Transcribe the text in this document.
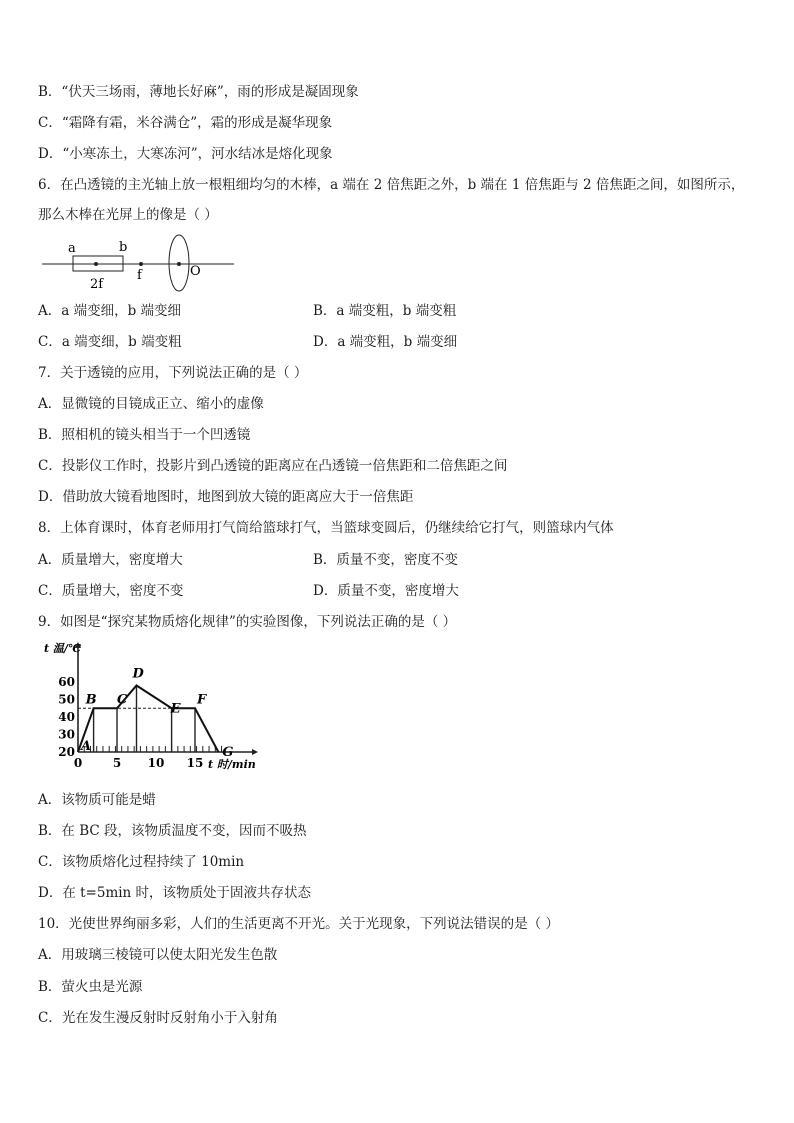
B．“伏天三场雨，薄地长好麻”，雨的形成是凝固现象
C．“霜降有霜，米谷满仓”，霜的形成是凝华现象
D．“小寒冻土，大寒冻河”，河水结冰是熔化现象
6．在凸透镜的主光轴上放一根粗细均匀的木棒，a 端在 2 倍焦距之外，b 端在 1 倍焦距与 2 倍焦距之间，如图所示，
那么木棒在光屏上的像是（ ）
a	b
2f
f	O
A．a 端变细，b 端变细	B．a 端变粗，b 端变粗
C．a 端变细，b 端变粗	D．a 端变粗，b 端变细
7．关于透镜的应用，下列说法正确的是（ ）
A．显微镜的目镜成正立、缩小的虚像
B．照相机的镜头相当于一个凹透镜
C．投影仪工作时，投影片到凸透镜的距离应在凸透镜一倍焦距和二倍焦距之间
D．借助放大镜看地图时，地图到放大镜的距离应大于一倍焦距
8．上体育课时，体育老师用打气筒给篮球打气，当篮球变圆后，仍继续给它打气，则篮球内气体
A．质量增大，密度增大	B．质量不变，密度不变
C．质量增大，密度不变	D．质量不变，密度增大
9．如图是“探究某物质熔化规律”的实验图像，下列说法正确的是（ ）
20
30
40
50
60
0	5 10 15
t 温/℃
t 时/min
A
B C
D
E
F
G
A．该物质可能是蜡
B．在 BC 段，该物质温度不变，因而不吸热
C．该物质熔化过程持续了 10min
D．在 t=5min 时，该物质处于固液共存状态
10．光使世界绚丽多彩，人们的生活更离不开光。关于光现象，下列说法错误的是（ ）
A．用玻璃三棱镜可以使太阳光发生色散
B．萤火虫是光源
C．光在发生漫反射时反射角小于入射角
